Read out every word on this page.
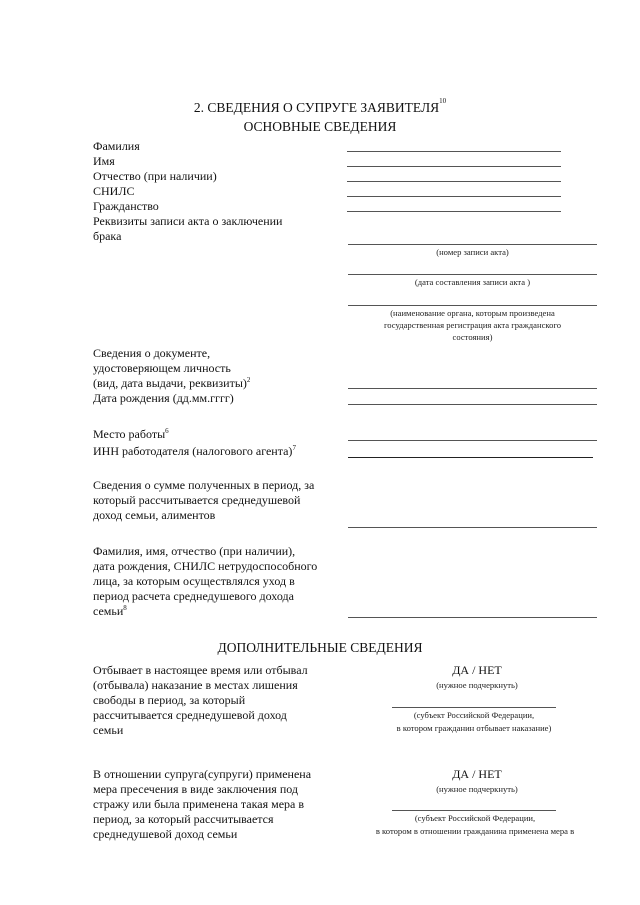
2. СВЕДЕНИЯ О СУПРУГЕ ЗАЯВИТЕЛЯ$^{10}$
ОСНОВНЫЕ СВЕДЕНИЯ
Фамилия
Имя
Отчество (при наличии)
СНИЛС
Гражданство
Реквизиты записи акта о заключении
брака
(номер записи акта)
(дата составления записи акта )
(наименование органа, которым произведена
государственная регистрация акта гражданского
состояния)
Сведения о документе,
удостоверяющем личность
(вид, дата выдачи, реквизиты)$^2$
Дата рождения (дд.мм.гггг)
Место работы$^6$
ИНН работодателя (налогового агента)$^7$
Сведения о сумме полученных в период, за
который рассчитывается среднедушевой
доход семьи, алиментов
Фамилия, имя, отчество (при наличии),
дата рождения, СНИЛС нетрудоспособного
лица, за которым осуществлялся уход в
период расчета среднедушевого дохода
семьи$^8$
ДОПОЛНИТЕЛЬНЫЕ СВЕДЕНИЯ
Отбывает в настоящее время или отбывал
(отбывала) наказание в местах лишения
свободы в период, за который
рассчитывается среднедушевой доход
семьи
ДА / НЕТ
(нужное подчеркнуть)
(субъект Российской Федерации,
в котором гражданин отбывает наказание)
В отношении супруга(супруги) применена
мера пресечения в виде заключения под
стражу или была применена такая мера в
период, за который рассчитывается
среднедушевой доход семьи
ДА / НЕТ
(нужное подчеркнуть)
(субъект Российской Федерации,
в котором в отношении гражданина применена мера в
